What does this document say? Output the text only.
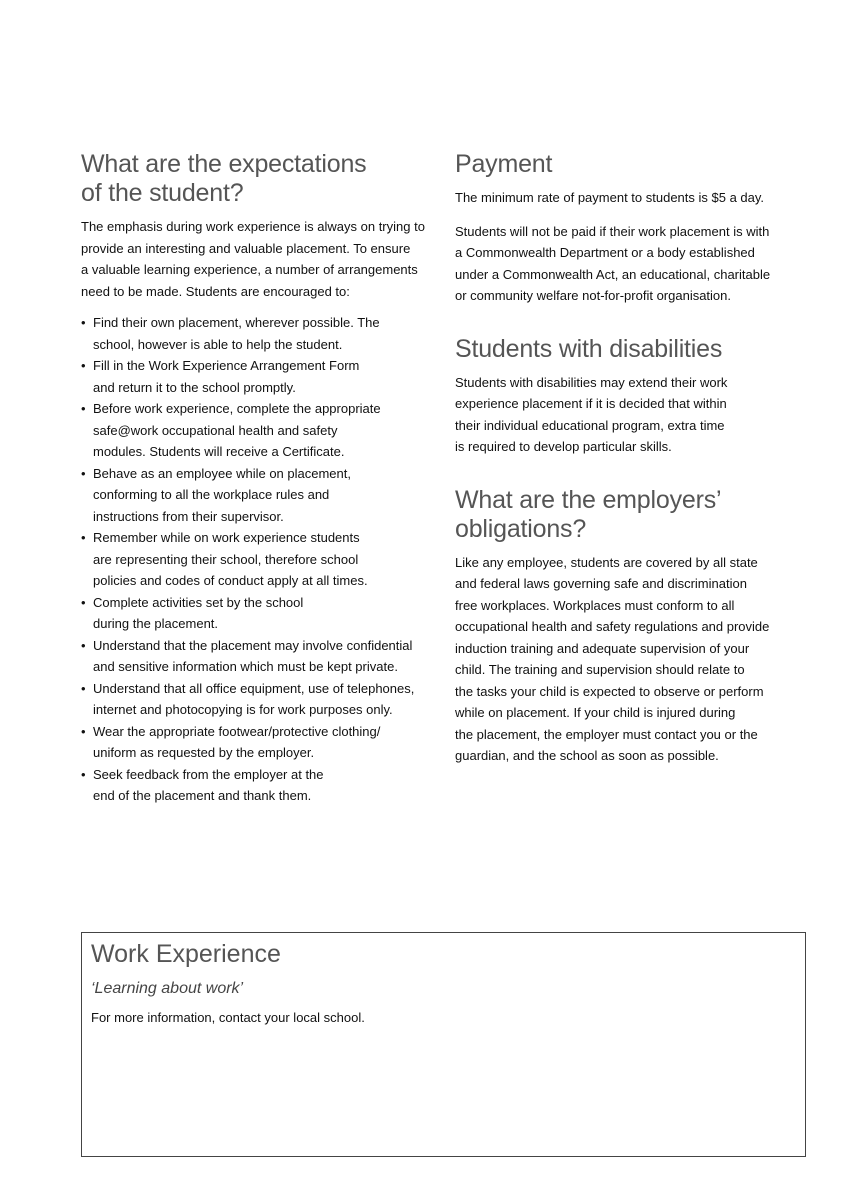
What are the expectations
of the student?

The emphasis during work experience is always on trying to
provide an interesting and valuable placement. To ensure
a valuable learning experience, a number of arrangements
need to be made. Students are encouraged to:

• Find their own placement, wherever possible. The
school, however is able to help the student.
• Fill in the Work Experience Arrangement Form
and return it to the school promptly.
• Before work experience, complete the appropriate
safe@work occupational health and safety
modules. Students will receive a Certificate.
• Behave as an employee while on placement,
conforming to all the workplace rules and
instructions from their supervisor.
• Remember while on work experience students
are representing their school, therefore school
policies and codes of conduct apply at all times.
• Complete activities set by the school
during the placement.
• Understand that the placement may involve confidential
and sensitive information which must be kept private.
• Understand that all office equipment, use of telephones,
internet and photocopying is for work purposes only.
• Wear the appropriate footwear/protective clothing/
uniform as requested by the employer.
• Seek feedback from the employer at the
end of the placement and thank them.
Payment

The minimum rate of payment to students is $5 a day.

Students will not be paid if their work placement is with
a Commonwealth Department or a body established
under a Commonwealth Act, an educational, charitable
or community welfare not-for-profit organisation.

Students with disabilities

Students with disabilities may extend their work
experience placement if it is decided that within
their individual educational program, extra time
is required to develop particular skills.

What are the employers’
obligations?

Like any employee, students are covered by all state
and federal laws governing safe and discrimination
free workplaces. Workplaces must conform to all
occupational health and safety regulations and provide
induction training and adequate supervision of your
child. The training and supervision should relate to
the tasks your child is expected to observe or perform
while on placement. If your child is injured during
the placement, the employer must contact you or the
guardian, and the school as soon as possible.

Work Experience
‘Learning about work’
For more information, contact your local school.
